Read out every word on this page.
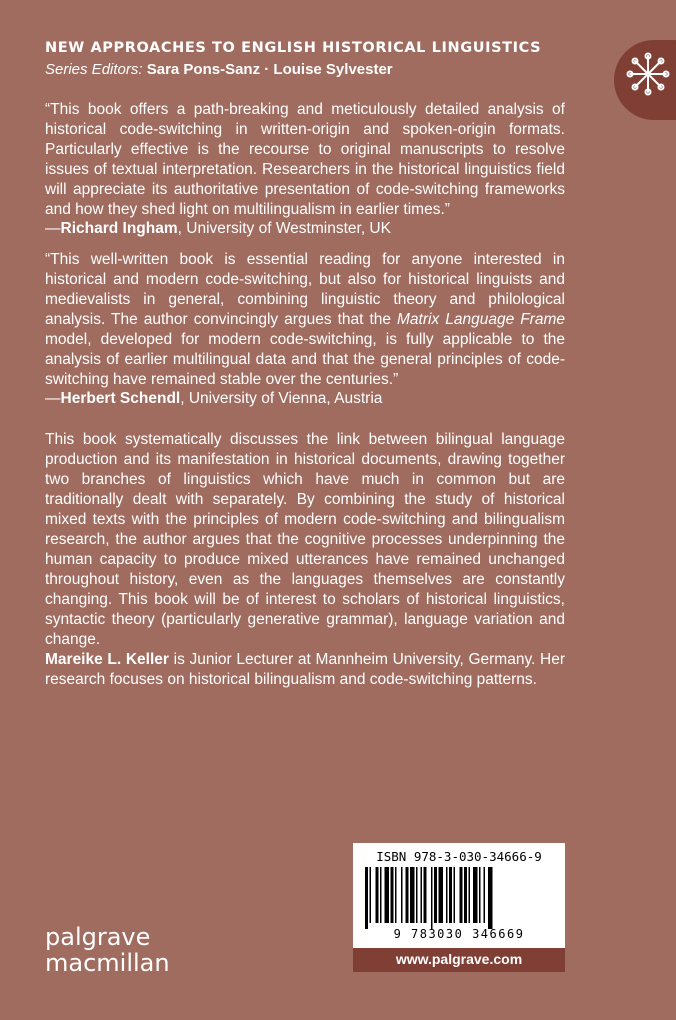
NEW APPROACHES TO ENGLISH HISTORICAL LINGUISTICS
Series Editors: Sara Pons-Sanz · Louise Sylvester
“This book offers a path-breaking and meticulously detailed analysis of historical code-switching in written-origin and spoken-origin formats. Particularly effective is the recourse to original manuscripts to resolve issues of textual interpretation. Researchers in the historical linguistics field will appreciate its authoritative presentation of code-switching frameworks and how they shed light on multilingualism in earlier times.”
—Richard Ingham, University of Westminster, UK
“This well-written book is essential reading for anyone interested in historical and modern code-switching, but also for historical linguists and medievalists in general, combining linguistic theory and philological analysis. The author convincingly argues that the Matrix Language Frame model, developed for modern code-switching, is fully applicable to the analysis of earlier multilingual data and that the general principles of code- switching have remained stable over the centuries.”
—Herbert Schendl, University of Vienna, Austria
This book systematically discusses the link between bilingual language production and its manifestation in historical documents, drawing together two branches of linguistics which have much in common but are traditionally dealt with separately. By combining the study of historical mixed texts with the principles of modern code-switching and bilingualism research, the author argues that the cognitive processes underpinning the human capacity to produce mixed utterances have remained unchanged throughout history, even as the languages themselves are constantly changing. This book will be of interest to scholars of historical linguistics, syntactic theory (particularly generative grammar), language variation and change.
Mareike L. Keller is Junior Lecturer at Mannheim University, Germany. Her research focuses on historical bilingualism and code-switching patterns.
ISBN 978-3-030-34666-9
9 783030 346669
www.palgrave.com
palgrave
macmillan
